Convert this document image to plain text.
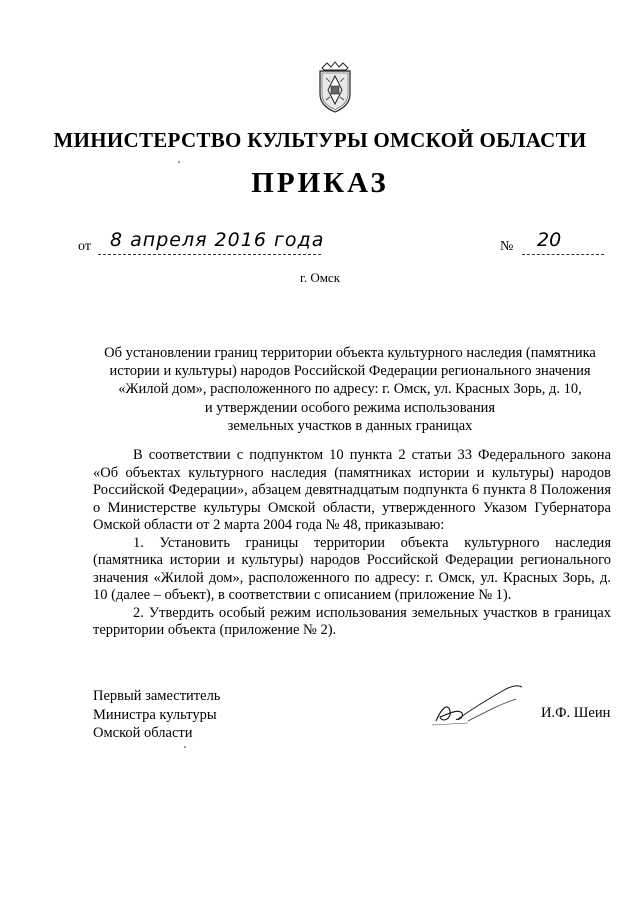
МИНИСТЕРСТВО КУЛЬТУРЫ ОМСКОЙ ОБЛАСТИ
ПРИКАЗ
от 8 апреля 2016 года	№ 20
г. Омск
Об установлении границ территории объекта культурного наследия (памятника
истории и культуры) народов Российской Федерации регионального значения
«Жилой дом», расположенного по адресу: г. Омск, ул. Красных Зорь, д. 10,
и утверждении особого режима использования
земельных участков в данных границах

В соответствии с подпунктом 10 пункта 2 статьи 33 Федерального закона «Об объектах культурного наследия (памятниках истории и культуры) народов Российской Федерации», абзацем девятнадцатым подпункта 6 пункта 8 Положения о Министерстве культуры Омской области, утвержденного Указом Губернатора Омской области от 2 марта 2004 года № 48, приказываю:

1. Установить границы территории объекта культурного наследия (памятника истории и культуры) народов Российской Федерации регионального значения «Жилой дом», расположенного по адресу: г. Омск, ул. Красных Зорь, д. 10 (далее – объект), в соответствии с описанием (приложение № 1).

2. Утвердить особый режим использования земельных участков в границах территории объекта (приложение № 2).

Первый заместитель
Министра культуры
Омской области
И.Ф. Шеин
